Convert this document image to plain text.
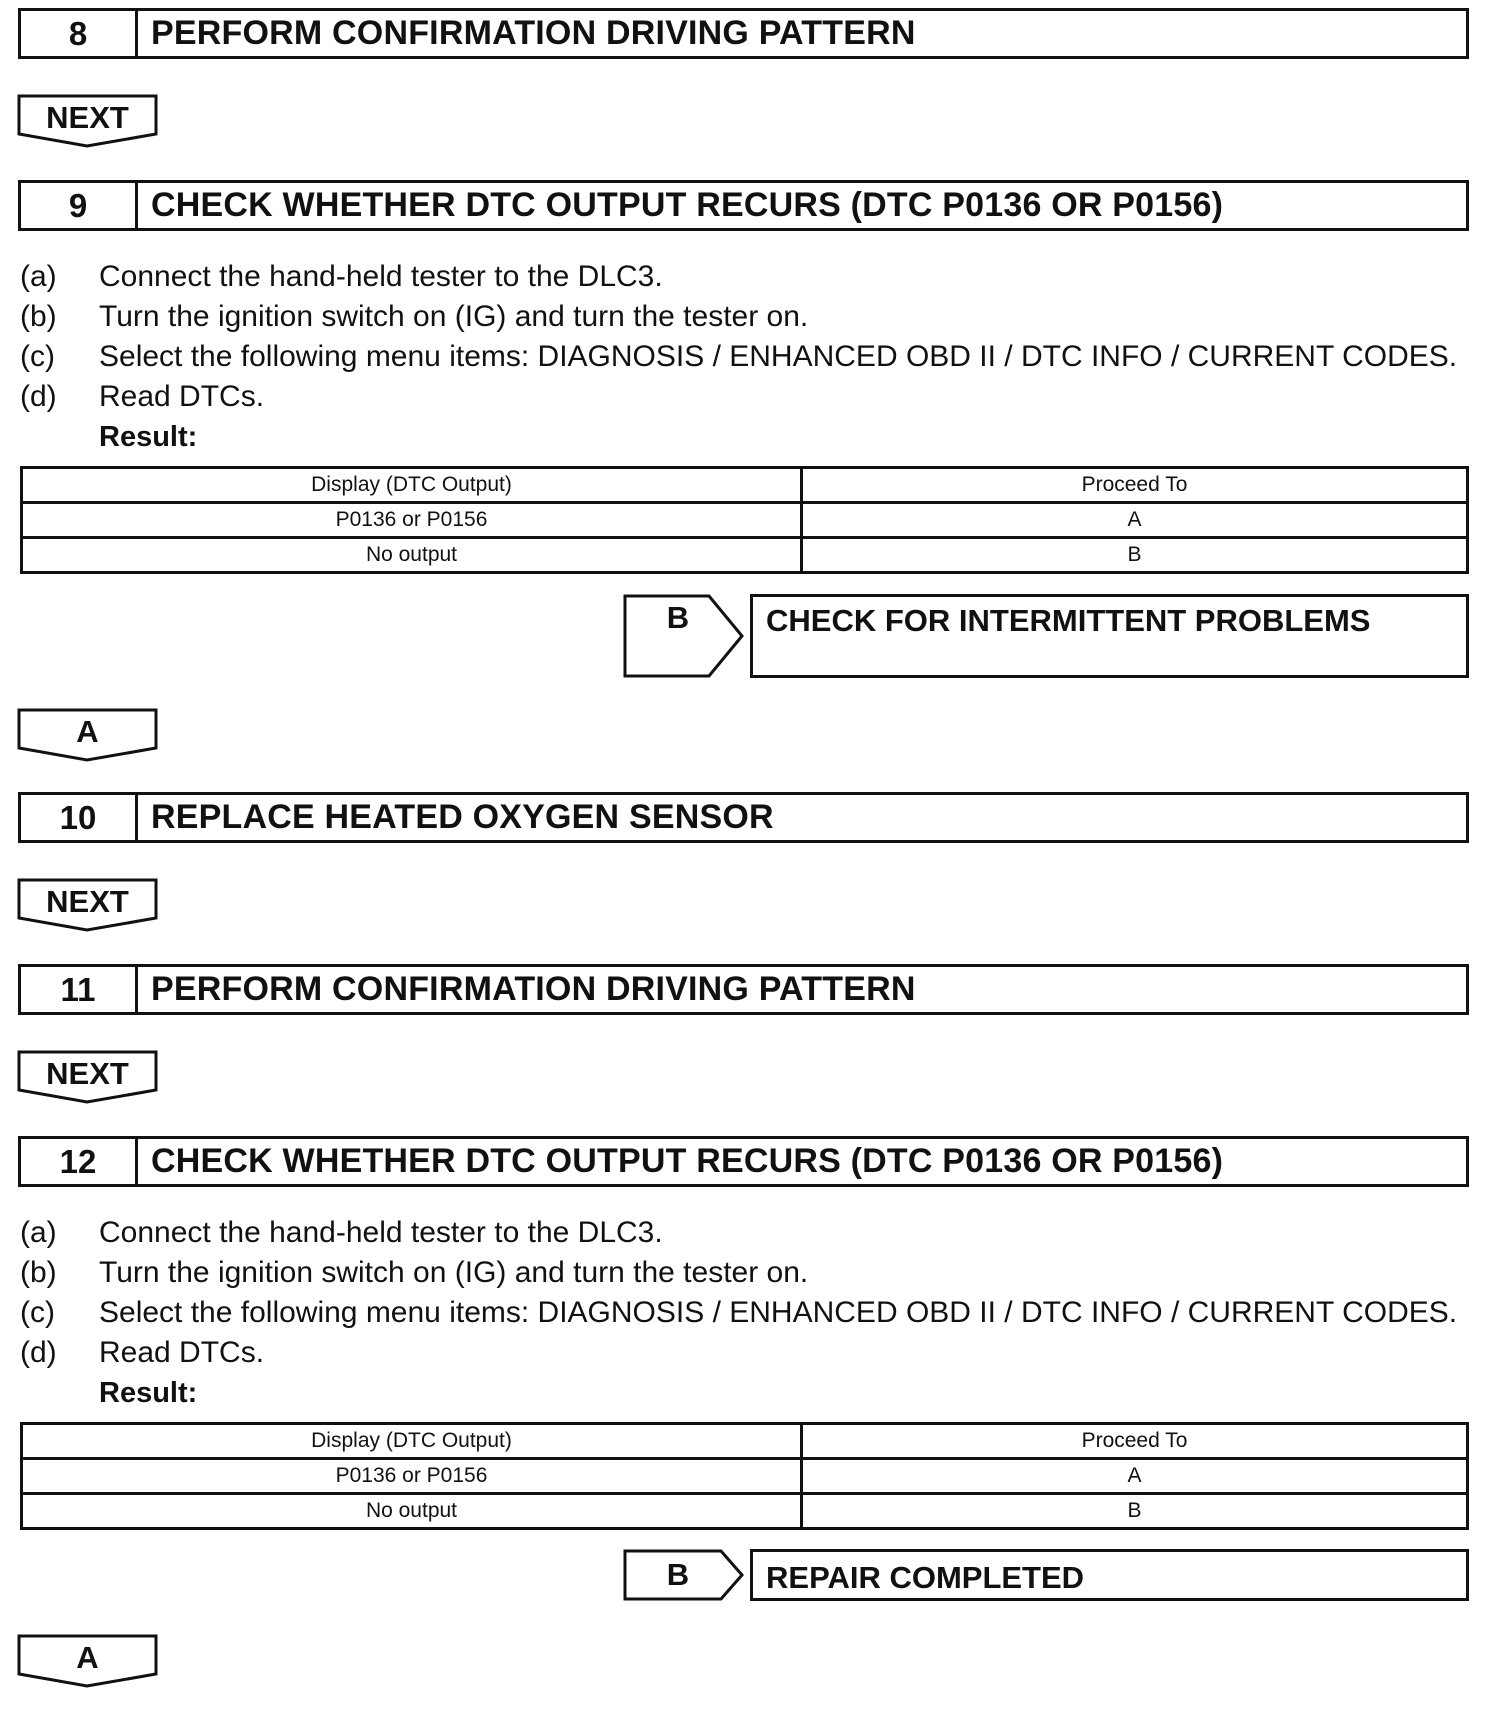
8	PERFORM CONFIRMATION DRIVING PATTERN
NEXT
9	CHECK WHETHER DTC OUTPUT RECURS (DTC P0136 OR P0156)
(a)	Connect the hand-held tester to the DLC3.
(b)	Turn the ignition switch on (IG) and turn the tester on.
(c)	Select the following menu items: DIAGNOSIS / ENHANCED OBD II / DTC INFO / CURRENT CODES.
(d)	Read DTCs.
Result:
Display (DTC Output)	Proceed To
P0136 or P0156	A
No output	B
B	CHECK FOR INTERMITTENT PROBLEMS
A
10	REPLACE HEATED OXYGEN SENSOR
NEXT
11	PERFORM CONFIRMATION DRIVING PATTERN
NEXT
12	CHECK WHETHER DTC OUTPUT RECURS (DTC P0136 OR P0156)
(a)	Connect the hand-held tester to the DLC3.
(b)	Turn the ignition switch on (IG) and turn the tester on.
(c)	Select the following menu items: DIAGNOSIS / ENHANCED OBD II / DTC INFO / CURRENT CODES.
(d)	Read DTCs.
Result:
Display (DTC Output)	Proceed To
P0136 or P0156	A
No output	B
B	REPAIR COMPLETED
A
